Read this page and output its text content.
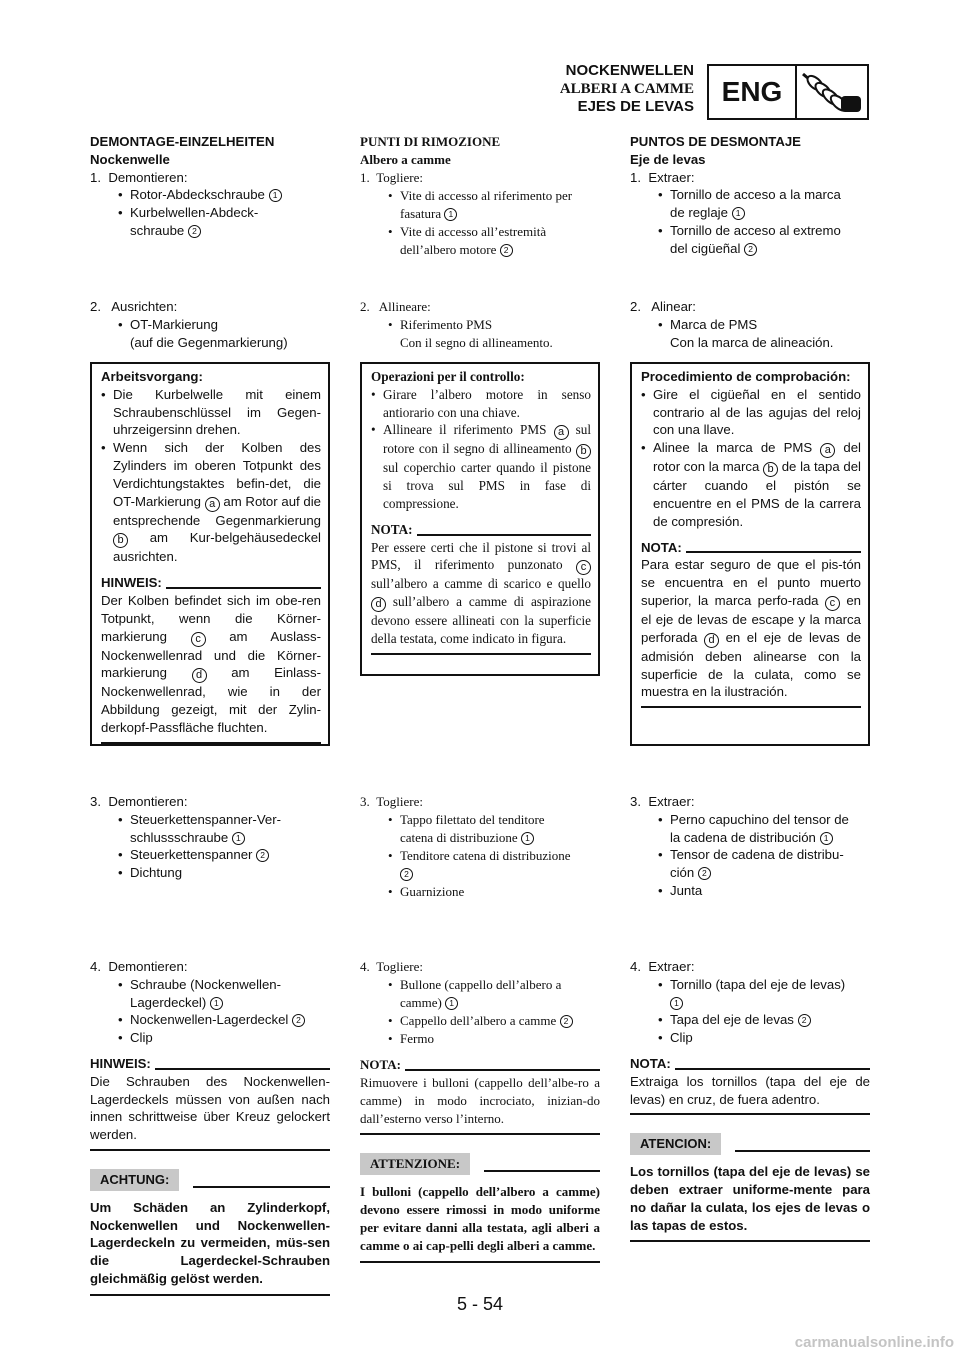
NOCKENWELLEN
ALBERI A CAMME
EJES DE LEVAS ENG
DEMONTAGE-EINZELHEITEN
Nockenwelle
1.  Demontieren:
• Rotor-Abdeckschraube 1
• Kurbelwellen-Abdeck-
schraube 2
2.   Ausrichten:
• OT-Markierung
(auf die Gegenmarkierung)
Arbeitsvorgang:
• Die Kurbelwelle mit einem Schraubenschlüssel im Gegen-uhrzeigersinn drehen.
• Wenn sich der Kolben des Zylinders im oberen Totpunkt des Verdichtungstaktes befin-det, die OT-Markierung a am Rotor auf die entsprechende Gegenmarkierung b am Kur-belgehäusedeckel ausrichten.
HINWEIS:
Der Kolben befindet sich im obe-ren Totpunkt, wenn die Körner-markierung	c am Auslass-Nockenwellenrad und die Körner-markierung	d am Einlass-Nockenwellenrad, wie in der Abbildung gezeigt, mit der Zylin-derkopf-Passfläche fluchten.
3.  Demontieren:
• Steuerkettenspanner-Ver-
schlussschraube 1
• Steuerkettenspanner 2
• Dichtung
4.  Demontieren:
• Schraube (Nockenwellen-
Lagerdeckel) 1
• Nockenwellen-Lagerdeckel 2
• Clip
HINWEIS:
Die Schrauben des Nockenwellen-Lagerdeckels müssen von außen nach innen schrittweise über Kreuz gelockert werden.
ACHTUNG:
Um Schäden an Zylinderkopf, Nockenwellen und Nockenwellen-Lagerdeckeln zu vermeiden, müs-sen die Lagerdeckel-Schrauben gleichmäßig gelöst werden.
PUNTI DI RIMOZIONE
Albero a camme
1.  Togliere:
• Vite di accesso al riferimento per
fasatura 1
• Vite di accesso all’estremità
dell’albero motore 2
2.   Allineare:
• Riferimento PMS
Con il segno di allineamento.
Operazioni per il controllo:
• Girare l’albero motore in senso antiorario con una chiave.
• Allineare il riferimento PMS a sul rotore con il segno di allineamento b sul coperchio carter quando il pistone si trova sul PMS in fase di compressione.
NOTA:
Per essere certi che il pistone si trovi al PMS, il riferimento punzonato c sull’albero a camme di scarico e quello d sull’albero a camme di aspirazione devono essere allineati con la superficie della testata, come indicato in figura.
3.  Togliere:
• Tappo filettato del tenditore
catena di distribuzione 1
• Tenditore catena di distribuzione
2
• Guarnizione
4.  Togliere:
• Bullone (cappello dell’albero a
camme) 1
• Cappello dell’albero a camme 2
• Fermo
NOTA:
Rimuovere i bulloni (cappello dell’albe-ro a camme) in modo incrociato, inizian-do dall’esterno verso l’interno.
ATTENZIONE:
I bulloni (cappello dell’albero a camme) devono essere rimossi in modo uniforme per evitare danni alla testata, agli alberi a camme o ai cap-pelli degli alberi a camme.
PUNTOS DE DESMONTAJE
Eje de levas
1.  Extraer:
• Tornillo de acceso a la marca
de reglaje 1
• Tornillo de acceso al extremo
del cigüeñal 2
2.   Alinear:
• Marca de PMS
Con la marca de alineación.
Procedimiento de comprobación:
• Gire el cigüeñal en el sentido contrario al de las agujas del reloj con una llave.
• Alinee la marca de PMS a del rotor con la marca b de la tapa del cárter cuando el pistón se encuentre en el PMS de la carrera de compresión.
NOTA:
Para estar seguro de que el pis-tón se encuentra en el punto muerto superior, la marca perfo-rada c en el eje de levas de escape y la marca perforada d en el eje de levas de admisión deben alinearse con la superficie de la culata, como se muestra en la ilustración.
3.  Extraer:
• Perno capuchino del tensor de
la cadena de distribución 1
• Tensor de cadena de distribu-
ción 2
• Junta
4.  Extraer:
• Tornillo (tapa del eje de levas)
1
• Tapa del eje de levas 2
• Clip
NOTA:
Extraiga los tornillos (tapa del eje de levas) en cruz, de fuera adentro.
ATENCION:
Los tornillos (tapa del eje de levas) se deben extraer uniforme-mente para no dañar la culata, los ejes de levas o las tapas de estos.
5 - 54
carmanualsonline.info
